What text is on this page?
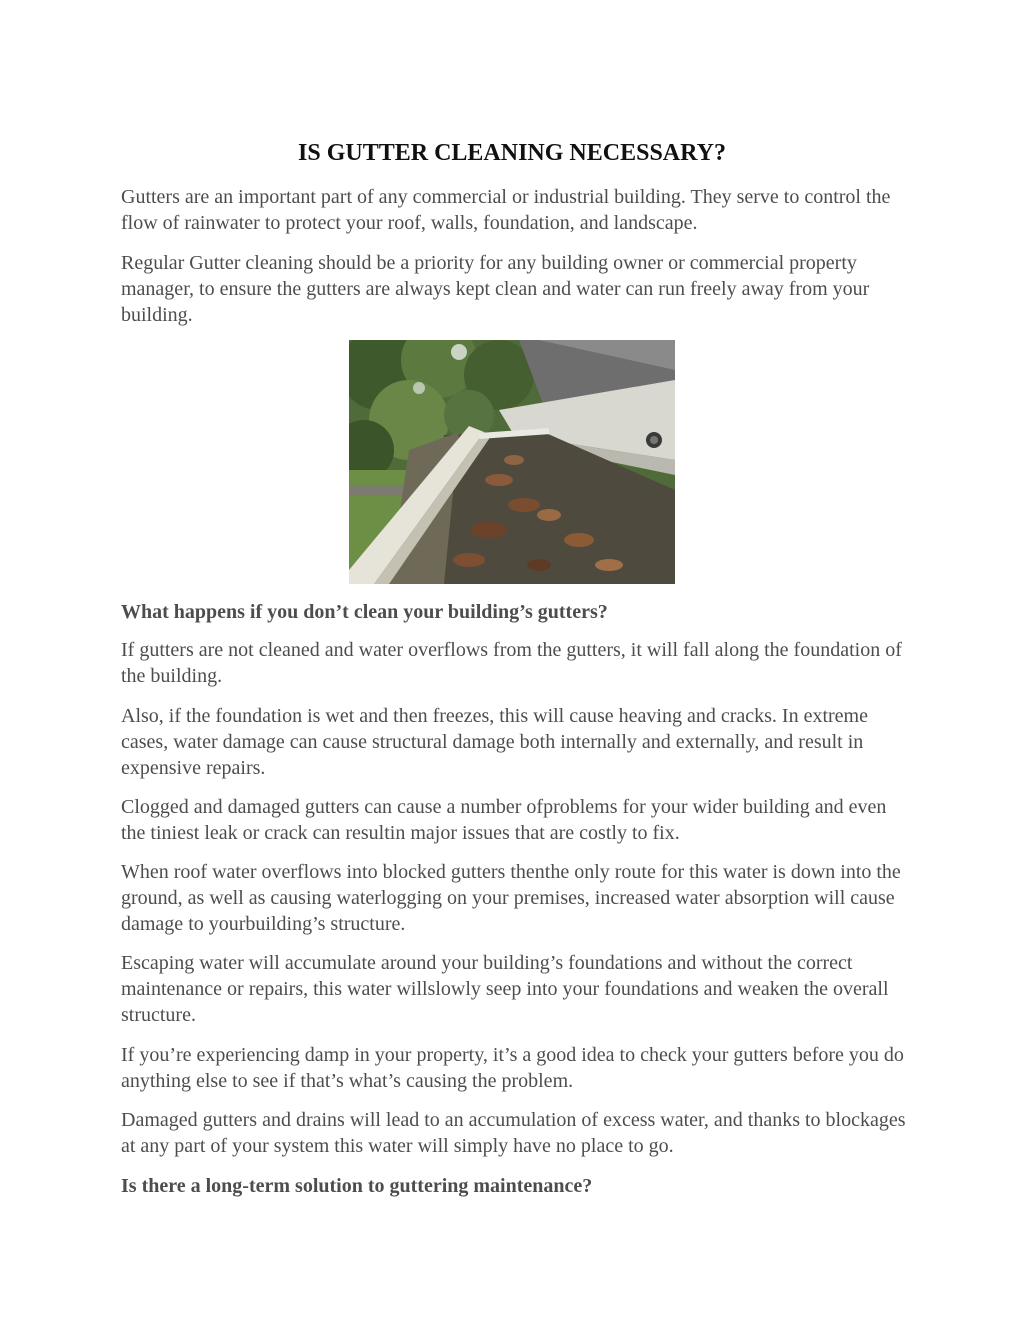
IS GUTTER CLEANING NECESSARY?

Gutters are an important part of any commercial or industrial building. They serve to control the flow of rainwater to protect your roof, walls, foundation, and landscape.

Regular Gutter cleaning should be a priority for any building owner or commercial property manager, to ensure the gutters are always kept clean and water can run freely away from your building.

What happens if you don’t clean your building’s gutters?

If gutters are not cleaned and water overflows from the gutters, it will fall along the foundation of the building.

Also, if the foundation is wet and then freezes, this will cause heaving and cracks. In extreme cases, water damage can cause structural damage both internally and externally, and result in expensive repairs.

Clogged and damaged gutters can cause a number ofproblems for your wider building and even the tiniest leak or crack can resultin major issues that are costly to fix.

When roof water overflows into blocked gutters thenthe only route for this water is down into the ground, as well as causing waterlogging on your premises, increased water absorption will cause damage to yourbuilding’s structure.

Escaping water will accumulate around your building’s foundations and without the correct maintenance or repairs, this water willslowly seep into your foundations and weaken the overall structure.

If you’re experiencing damp in your property, it’s a good idea to check your gutters before you do anything else to see if that’s what’s causing the problem.

Damaged gutters and drains will lead to an accumulation of excess water, and thanks to blockages at any part of your system this water will simply have no place to go.

Is there a long-term solution to guttering maintenance?
